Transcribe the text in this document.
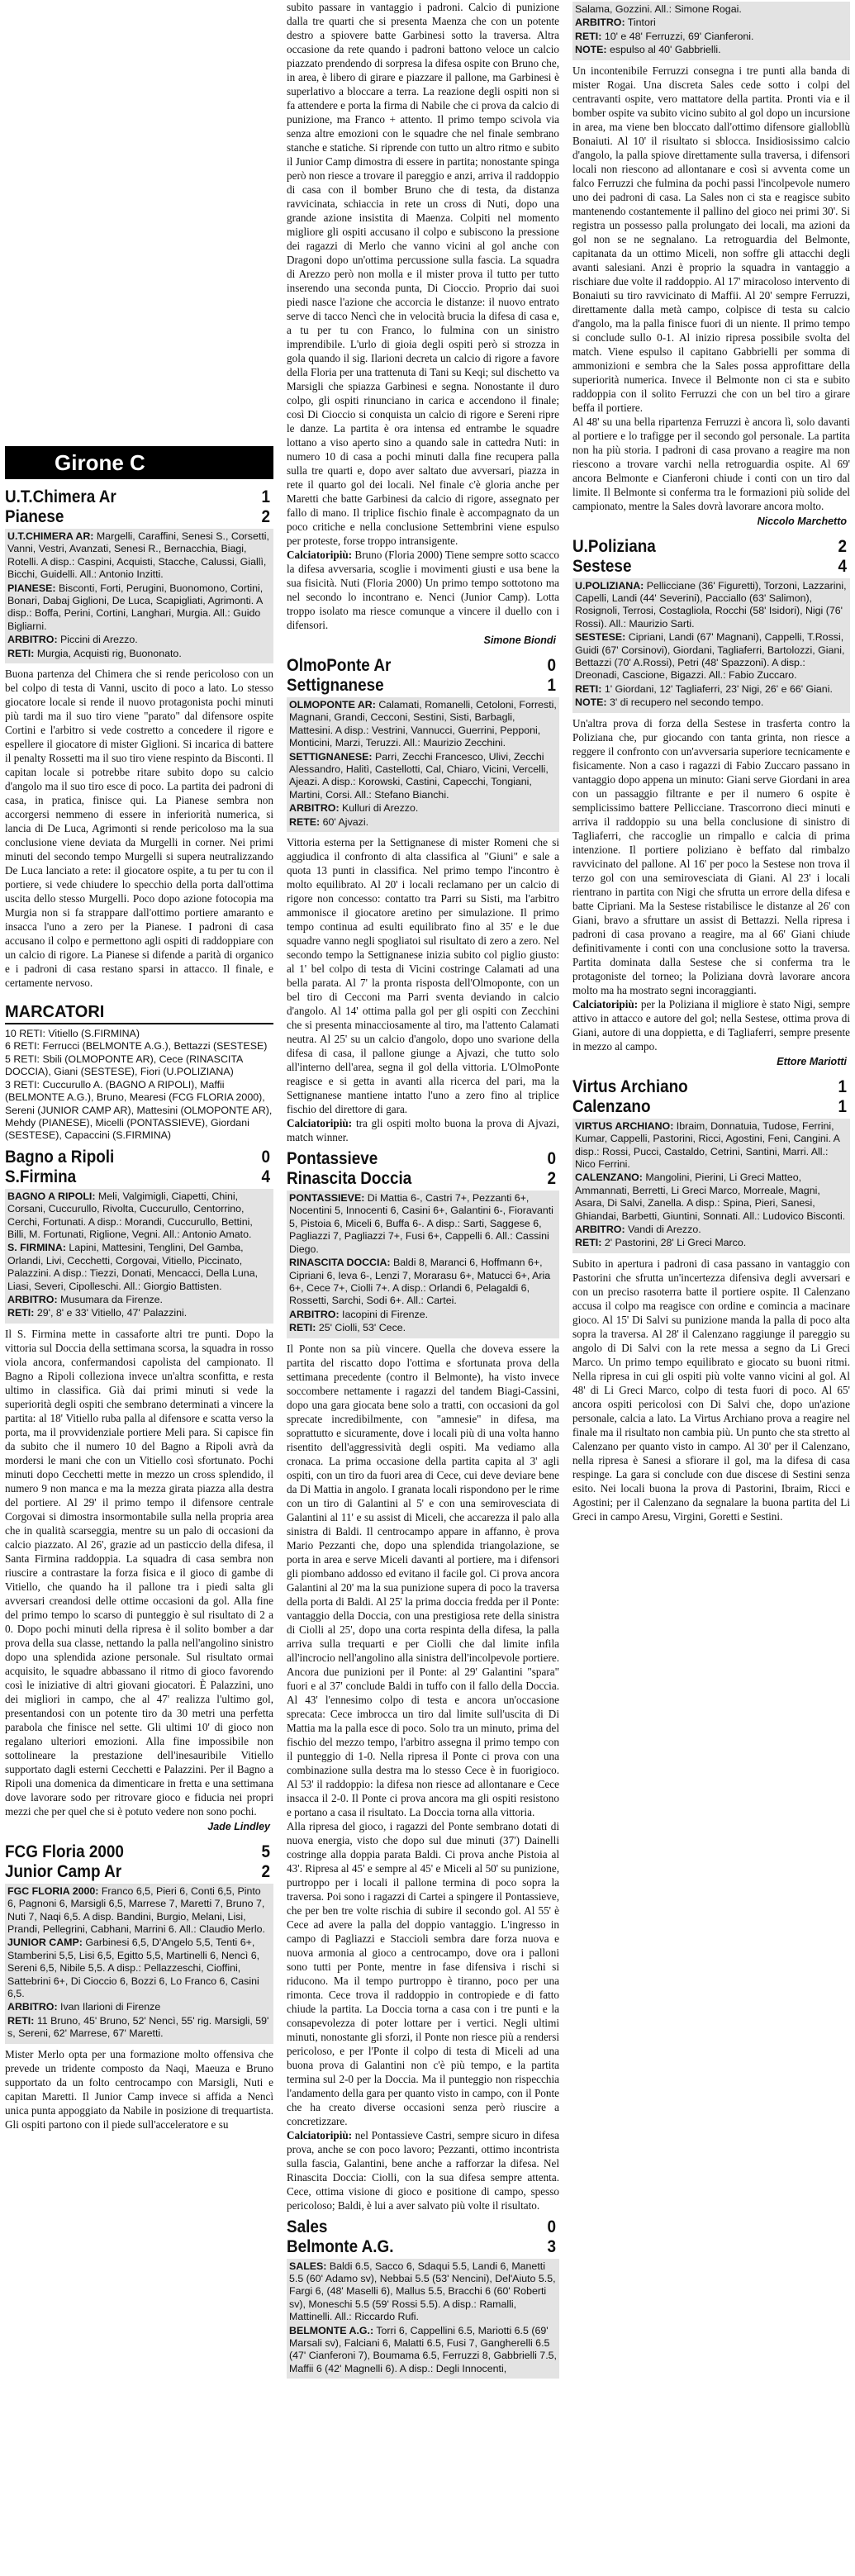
Girone C
U.T.Chimera Ar	1
Pianese	2

U.T.CHIMERA AR: Margelli, Caraffini, Senesi S., Corsetti, Vanni, Vestri, Avanzati, Senesi R., Bernacchia, Biagi, Rotelli. A disp.: Caspini, Acquisti, Stacche, Calussi, Giallì, Bicchi, Guidelli. All.: Antonio Inzitti.

PIANESE: Bisconti, Forti, Perugini, Buonomono, Cortini, Bonari, Dabaj Giglioni, De Luca, Scapigliati, Agrimonti. A disp.: Boffa, Perini, Cortini, Langhari, Murgia. All.: Guido Bigliarni.

ARBITRO: Piccini di Arezzo.

RETI: Murgia, Acquisti rig, Buononato.

Buona partenza del Chimera che si rende pericoloso con un bel colpo di testa di Vanni, uscito di poco a lato. Lo stesso giocatore locale si rende il nuovo protagonista pochi minuti più tardi ma il suo tiro viene "parato" dal difensore ospite Cortini e l'arbitro si vede costretto a concedere il rigore e espellere il giocatore di mister Giglioni. Si incarica di battere il penalty Rossetti ma il suo tiro viene respinto da Bisconti. Il capitan locale si potrebbe ritare subito dopo su calcio d'angolo ma il suo tiro esce di poco. La partita dei padroni di casa, in pratica, finisce qui. La Pianese sembra non accorgersi nemmeno di essere in inferiorità numerica, si lancia di De Luca, Agrimonti si rende pericoloso ma la sua conclusione viene deviata da Murgelli in corner. Nei primi minuti del secondo tempo Murgelli si supera neutralizzando De Luca lanciato a rete: il giocatore ospite, a tu per tu con il portiere, si vede chiudere lo specchio della porta dall'ottima uscita dello stesso Murgelli. Poco dopo azione fotocopia ma Murgia non si fa strappare dall'ottimo portiere amaranto e insacca l'uno a zero per la Pianese. I padroni di casa accusano il colpo e permettono agli ospiti di raddoppiare con un calcio di rigore. La Pianese si difende a parità di organico e i padroni di casa restano sparsi in attacco. Il finale, e certamente nervoso.

MARCATORI

10 RETI: Vitiello (S.FIRMINA)

6 RETI: Ferrucci (BELMONTE A.G.), Bettazzi (SESTESE)

5 RETI: Sbili (OLMOPONTE AR), Cece (RINASCITA DOCCIA), Giani (SESTESE), Fiori (U.POLIZIANA)

3 RETI: Cuccurullo A. (BAGNO A RIPOLI), Maffii (BELMONTE A.G.), Bruno, Mearesi (FCG FLORIA 2000), Sereni (JUNIOR CAMP AR), Mattesini (OLMOPONTE AR), Mehdy (PIANESE), Micelli (PONTASSIEVE), Giordani (SESTESE), Capaccini (S.FIRMINA)

Bagno a Ripoli	0
S.Firmina	4

BAGNO A RIPOLI: Meli, Valgimigli, Ciapetti, Chini, Corsani, Cuccurullo, Rivolta, Cuccurullo, Centorrino, Cerchi, Fortunati. A disp.: Morandi, Cuccurullo, Bettini, Billi, M. Fortunati, Riglione, Vegni. All.: Antonio Amato.

S. FIRMINA: Lapini, Mattesini, Tenglini, Del Gamba, Orlandi, Livi, Cecchetti, Corgovai, Vitiello, Piccinato, Palazzini. A disp.: Tiezzi, Donati, Mencacci, Della Luna, Liasi, Severi, Cipolleschi. All.: Giorgio Battisten.

ARBITRO: Musumara da Firenze.

RETI: 29', 8' e 33' Vitiello, 47' Palazzini.

Il S. Firmina mette in cassaforte altri tre punti. Dopo la vittoria sul Doccia della settimana scorsa, la squadra in rosso viola ancora, confermandosi capolista del campionato. Il Bagno a Ripoli colleziona invece un'altra sconfitta, e resta ultimo in classifica. Già dai primi minuti si vede la superiorità degli ospiti che sembrano determinati a vincere la partita: al 18' Vitiello ruba palla al difensore e scatta verso la porta, ma il provvidenziale portiere Meli para. Si capisce fin da subito che il numero 10 del Bagno a Ripoli avrà da mordersi le mani che con un Vitiello così sfortunato. Pochi minuti dopo Cecchetti mette in mezzo un cross splendido, il numero 9 non manca e ma la mezza girata piazza alla destra del portiere. Al 29' il primo tempo il difensore centrale Corgovai si dimostra insormontabile sulla nella propria area che in qualità scarseggia, mentre su un palo di occasioni da calcio piazzato. Al 26', grazie ad un pasticcio della difesa, il Santa Firmina raddoppia. La squadra di casa sembra non riuscire a contrastare la forza fisica e il gioco di gambe di Vitiello, che quando ha il pallone tra i piedi salta gli avversari creandosi delle ottime occasioni da gol. Alla fine del primo tempo lo scarso di punteggio è sul risultato di 2 a 0. Dopo pochi minuti della ripresa è il solito bomber a dar prova della sua classe, nettando la palla nell'angolino sinistro dopo una splendida azione personale. Sul risultato ormai acquisito, le squadre abbassano il ritmo di gioco favorendo così le iniziative di altri giovani giocatori. È Palazzini, uno dei migliori in campo, che al 47' realizza l'ultimo gol, presentandosi con un potente tiro da 30 metri una perfetta parabola che finisce nel sette. Gli ultimi 10' di gioco non regalano ulteriori emozioni. Alla fine impossibile non sottolineare la prestazione dell'inesauribile Vitiello supportato dagli esterni Cecchetti e Palazzini. Per il Bagno a Ripoli una domenica da dimenticare in fretta e una settimana dove lavorare sodo per ritrovare gioco e fiducia nei propri mezzi che per quel che si è potuto vedere non sono pochi.

Jade Lindley
FCG Floria 2000	5
Junior Camp Ar	2

FGC FLORIA 2000: Franco 6,5, Pieri 6, Conti 6,5, Pinto 6, Pagnoni 6, Marsigli 6,5, Marrese 7, Maretti 7, Bruno 7, Nuti 7, Naqi 6,5. A disp. Bandini, Burgio, Melani, Lisi, Prandi, Pellegrini, Cabhani, Marrini 6. All.: Claudio Merlo.

JUNIOR CAMP: Garbinesi 6,5, D'Angelo 5,5, Tenti 6+, Stamberini 5,5, Lisi 6,5, Egitto 5,5, Martinelli 6, Nencì 6, Sereni 6,5, Nibile 5,5. A disp.: Pellazzeschi, Cioffini, Sattebrini 6+, Di Cioccio 6, Bozzi 6, Lo Franco 6, Casini 6,5.

ARBITRO: Ivan Ilarioni di Firenze

RETI: 11 Bruno, 45' Bruno, 52' Nencì, 55' rig. Marsigli, 59' s, Sereni, 62' Marrese, 67' Maretti.

Mister Merlo opta per una formazione molto offensiva che prevede un tridente composto da Naqi, Maeuza e Bruno supportato da un folto centrocampo con Marsigli, Nuti e capitan Maretti. Il Junior Camp invece si affida a Nencì unica punta appoggiato da Nabile in posizione di trequartista. Gli ospiti partono con il piede sull'acceleratore e su

subito passare in vantaggio i padroni. Calcio di punizione dalla tre quarti che si presenta Maenza che con un potente destro a spiovere batte Garbinesi sotto la traversa. Altra occasione da rete quando i padroni battono veloce un calcio piazzato prendendo di sorpresa la difesa ospite con Bruno che, in area, è libero di girare e piazzare il pallone, ma Garbinesi è superlativo a bloccare a terra. La reazione degli ospiti non si fa attendere e porta la firma di Nabile che ci prova da calcio di punizione, ma Franco + attento. Il primo tempo scivola via senza altre emozioni con le squadre che nel finale sembrano stanche e statiche. Si riprende con tutto un altro ritmo e subito il Junior Camp dimostra di essere in partita; nonostante spinga però non riesce a trovare il pareggio e anzi, arriva il raddoppio di casa con il bomber Bruno che di testa, da distanza ravvicinata, schiaccia in rete un cross di Nuti, dopo una grande azione insistita di Maenza. Colpiti nel momento migliore gli ospiti accusano il colpo e subiscono la pressione dei ragazzi di Merlo che vanno vicini al gol anche con Dragoni dopo un'ottima percussione sulla fascia. La squadra di Arezzo però non molla e il mister prova il tutto per tutto inserendo una seconda punta, Di Cioccio. Proprio dai suoi piedi nasce l'azione che accorcia le distanze: il nuovo entrato serve di tacco Nencì che in velocità brucia la difesa di casa e, a tu per tu con Franco, lo fulmina con un sinistro imprendibile. L'urlo di gioia degli ospiti però si strozza in gola quando il sig. Ilarioni decreta un calcio di rigore a favore della Floria per una trattenuta di Tani su Keqi; sul dischetto va Marsigli che spiazza Garbinesi e segna. Nonostante il duro colpo, gli ospiti rinunciano in carica e accendono il finale; così Di Cioccio si conquista un calcio di rigore e Sereni ripre le danze. La partita è ora intensa ed entrambe le squadre lottano a viso aperto sino a quando sale in cattedra Nuti: in numero 10 di casa a pochi minuti dalla fine recupera palla sulla tre quarti e, dopo aver saltato due avversari, piazza in rete il quarto gol dei locali. Nel finale c'è gloria anche per Maretti che batte Garbinesi da calcio di rigore, assegnato per fallo di mano. Il triplice fischio finale è accompagnato da un poco critiche e nella conclusione Settembrini viene espulso per proteste, forse troppo intransigente.

Calciatoripiù: Bruno (Floria 2000) Tiene sempre sotto scacco la difesa avversaria, scoglie i movimenti giusti e usa bene la sua fisicità. Nuti (Floria 2000) Un primo tempo sottotono ma nel secondo lo incontrano e. Nenci (Junior Camp). Lotta troppo isolato ma riesce comunque a vincere il duello con i difensori.

Simone Biondi
OlmoPonte Ar	0
Settignanese	1

OLMOPONTE AR: Calamati, Romanelli, Cetoloni, Forresti, Magnani, Grandi, Cecconi, Sestini, Sisti, Barbagli, Mattesini. A disp.: Vestrini, Vannucci, Guerrini, Pepponi, Monticini, Marzi, Teruzzi. All.: Maurizio Zecchini.

SETTIGNANESE: Parri, Zecchi Francesco, Ulivi, Zecchi Alessandro, Halitì, Castellotti, Cal, Chiaro, Vicini, Vercelli, Ajeazi. A disp.: Korowski, Castini, Capecchi, Tongiani, Martini, Corsi. All.: Stefano Bianchi.

ARBITRO: Kulluri di Arezzo.

RETE: 60' Ajvazi.

Vittoria esterna per la Settignanese di mister Romeni che si aggiudica il confronto di alta classifica al "Giuni" e sale a quota 13 punti in classifica. Nel primo tempo l'incontro è molto equilibrato. Al 20' i locali reclamano per un calcio di rigore non concesso: contatto tra Parri su Sisti, ma l'arbitro ammonisce il giocatore aretino per simulazione. Il primo tempo continua ad esulti equilibrato fino al 35' e le due squadre vanno negli spogliatoi sul risultato di zero a zero. Nel secondo tempo la Settignanese inizia subito col piglio giusto: al 1' bel colpo di testa di Vicini costringe Calamati ad una bella parata. Al 7' la pronta risposta dell'Olmoponte, con un bel tiro di Cecconi ma Parri sventa deviando in calcio d'angolo. Al 14' ottima palla gol per gli ospiti con Zecchini che si presenta minacciosamente al tiro, ma l'attento Calamati neutra. Al 25' su un calcio d'angolo, dopo uno svarione della difesa di casa, il pallone giunge a Ajvazi, che tutto solo all'interno dell'area, segna il gol della vittoria. L'OlmoPonte reagisce e si getta in avanti alla ricerca del pari, ma la Settignanese mantiene intatto l'uno a zero fino al triplice fischio del direttore di gara.

Calciatoripiù: tra gli ospiti molto buona la prova di Ajvazi, match winner.

Pontassieve	0
Rinascita Doccia	2

PONTASSIEVE: Di Mattia 6-, Castri 7+, Pezzanti 6+, Nocentini 5, Innocenti 6, Casini 6+, Galantini 6-, Fioravanti 5, Pistoia 6, Miceli 6, Buffa 6-. A disp.: Sarti, Saggese 6, Pagliazzi 7, Pagliazzi 7+, Fusi 6+, Cappelli 6. All.: Cassini Diego.

RINASCITA DOCCIA: Baldi 8, Maranci 6, Hoffmann 6+, Cipriani 6, Ieva 6-, Lenzi 7, Morarasu 6+, Matucci 6+, Aria 6+, Cece 7+, Ciolli 7+. A disp.: Orlandi 6, Pelagaldi 6, Rossetti, Sarchi, Sodi 6+. All.: Cartei.

ARBITRO: Iacopini di Firenze.

RETI: 25' Ciolli, 53' Cece.

Il Ponte non sa più vincere. Quella che doveva essere la partita del riscatto dopo l'ottima e sfortunata prova della settimana precedente (contro il Belmonte), ha visto invece soccombere nettamente i ragazzi del tandem Biagi-Cassini, dopo una gara giocata bene solo a tratti, con occasioni da gol sprecate incredibilmente, con "amnesie" in difesa, ma soprattutto e sicuramente, dove i locali più di una volta hanno risentito dell'aggressività degli ospiti. Ma vediamo alla cronaca. La prima occasione della partita capita al 3' agli ospiti, con un tiro da fuori area di Cece, cui deve deviare bene da Di Mattia in angolo. I granata locali rispondono per le rime con un tiro di Galantini al 5' e con una semirovesciata di Galantini al 11' e su assist di Miceli, che accarezza il palo alla sinistra di Baldi. Il centrocampo appare in affanno, è prova Mario Pezzanti che, dopo una splendida triangolazione, se porta in area e serve Miceli davanti al portiere, ma i difensori gli piombano addosso ed evitano il facile gol. Ci prova ancora Galantini al 20' ma la sua punizione supera di poco la traversa della porta di Baldi. Al 25' la prima doccia fredda per il Ponte: vantaggio della Doccia, con una prestigiosa rete della sinistra di Ciolli al 25', dopo una corta respinta della difesa, la palla arriva sulla trequarti e per Ciolli che dal limite infila all'incrocio nell'angolino alla sinistra dell'incolpevole portiere. Ancora due punizioni per il Ponte: al 29' Galantini "spara" fuori e al 37' conclude Baldi in tuffo con il fallo della Doccia. Al 43' l'ennesimo colpo di testa e ancora un'occasione sprecata: Cece imbrocca un tiro dal limite sull'uscita di Di Mattia ma la palla esce di poco. Solo tra un minuto, prima del fischio del mezzo tempo, l'arbitro assegna il primo tempo con il punteggio di 1-0. Nella ripresa il Ponte ci prova con una combinazione sulla destra ma lo stesso Cece è in fuorigioco. Al 53' il raddoppio: la difesa non riesce ad allontanare e Cece insacca il 2-0. Il Ponte ci prova ancora ma gli ospiti resistono e portano a casa il risultato. La Doccia torna alla vittoria.

Alla ripresa del gioco, i ragazzi del Ponte sembrano dotati di nuova energia, visto che dopo sul due minuti (37') Dainelli costringe alla doppia parata Baldi. Ci prova anche Pistoia al 43'. Ripresa al 45' e sempre al 45' e Miceli al 50' su punizione, purtroppo per i locali il pallone termina di poco sopra la traversa. Poi sono i ragazzi di Cartei a spingere il Pontassieve, che per ben tre volte rischia di subire il secondo gol. Al 55' è Cece ad avere la palla del doppio vantaggio. L'ingresso in campo di Pagliazzi e Staccioli sembra dare forza nuova e nuova armonia al gioco a centrocampo, dove ora i palloni sono tutti per Ponte, mentre in fase difensiva i rischi si riducono. Ma il tempo purtroppo è tiranno, poco per una rimonta. Cece trova il raddoppio in contropiede e di fatto chiude la partita. La Doccia torna a casa con i tre punti e la consapevolezza di poter lottare per i vertici. Negli ultimi minuti, nonostante gli sforzi, il Ponte non riesce più a rendersi pericoloso, e per l'Ponte il colpo di testa di Miceli ad una buona prova di Galantini non c'è più tempo, e la partita termina sul 2-0 per la Doccia. Ma il punteggio non rispecchia l'andamento della gara per quanto visto in campo, con il Ponte che ha creato diverse occasioni senza però riuscire a concretizzare.

Calciatoripiù: nel Pontassieve Castri, sempre sicuro in difesa prova, anche se con poco lavoro; Pezzanti, ottimo incontrista sulla fascia, Galantini, bene anche a rafforzar la difesa. Nel Rinascita Doccia: Ciolli, con la sua difesa sempre attenta. Cece, ottima visione di gioco e positione di campo, spesso pericoloso; Baldi, è lui a aver salvato più volte il risultato.

Sales	0
Belmonte A.G.	3

SALES: Baldi 6.5, Sacco 6, Sdaqui 5.5, Landi 6, Manetti 5.5 (60' Adamo sv), Nebbai 5.5 (53' Nencini), Del'Aiuto 5.5, Fargi 6, (48' Maselli 6), Mallus 5.5, Bracchi 6 (60' Roberti sv), Moneschi 5.5 (59' Rossi 5.5). A disp.: Ramalli, Mattinelli. All.: Riccardo Rufi.

BELMONTE A.G.: Torri 6, Cappellini 6.5, Mariotti 6.5 (69' Marsali sv), Falciani 6, Malatti 6.5, Fusi 7, Gangherelli 6.5 (47' Cianferoni 7), Boumama 6.5, Ferruzzi 8, Gabbrielli 7.5, Maffii 6 (42' Magnelli 6). A disp.: Degli Innocenti,

Salama, Gozzini. All.: Simone Rogai.

ARBITRO: Tintori

RETI: 10' e 48' Ferruzzi, 69' Cianferoni.

NOTE: espulso al 40' Gabbrielli.

Un incontenibile Ferruzzi consegna i tre punti alla banda di mister Rogai. Una discreta Sales cede sotto i colpi del centravanti ospite, vero mattatore della partita. Pronti via e il bomber ospite va subito vicino subito al gol dopo un incursione in area, ma viene ben bloccato dall'ottimo difensore giallobllù Bonaiuti. Al 10' il risultato si sblocca. Insidiosissimo calcio d'angolo, la palla spiove direttamente sulla traversa, i difensori locali non riescono ad allontanare e così si avventa come un falco Ferruzzi che fulmina da pochi passi l'incolpevole numero uno dei padroni di casa. La Sales non ci sta e reagisce subito mantenendo costantemente il pallino del gioco nei primi 30'. Si registra un possesso palla prolungato dei locali, ma azioni da gol non se ne segnalano. La retroguardia del Belmonte, capitanata da un ottimo Miceli, non soffre gli attacchi degli avanti salesiani. Anzi è proprio la squadra in vantaggio a rischiare due volte il raddoppio. Al 17' miracoloso intervento di Bonaiuti su tiro ravvicinato di Maffii. Al 20' sempre Ferruzzi, direttamente dalla metà campo, colpisce di testa su calcio d'angolo, ma la palla finisce fuori di un niente. Il primo tempo si conclude sullo 0-1. Al inizio ripresa possibile svolta del match. Viene espulso il capitano Gabbrielli per somma di ammonizioni e sembra che la Sales possa approfittare della superiorità numerica. Invece il Belmonte non ci sta e subito raddoppia con il solito Ferruzzi che con un bel tiro a girare beffa il portiere.

Al 48' su una bella ripartenza Ferruzzi è ancora lì, solo davanti al portiere e lo trafigge per il secondo gol personale. La partita non ha più storia. I padroni di casa provano a reagire ma non riescono a trovare varchi nella retroguardia ospite. Al 69' ancora Belmonte e Cianferoni chiude i conti con un tiro dal limite. Il Belmonte si conferma tra le formazioni più solide del campionato, mentre la Sales dovrà lavorare ancora molto.

Niccolo Marchetto
U.Poliziana	2
Sestese	4

U.POLIZIANA: Pellicciane (36' Figuretti), Torzoni, Lazzarini, Capelli, Landi (44' Severini), Pacciallo (63' Salimon), Rosignoli, Terrosi, Costagliola, Rocchi (58' Isidori), Nigi (76' Rossi). All.: Maurizio Sarti.

SESTESE: Cipriani, Landi (67' Magnani), Cappelli, T.Rossi, Guidi (67' Corsinovi), Giordani, Tagliaferri, Bartolozzi, Giani, Bettazzi (70' A.Rossi), Petri (48' Spazzoni). A disp.: Dreonadi, Cascione, Bigazzi. All.: Fabio Zuccaro.

RETI: 1' Giordani, 12' Tagliaferri, 23' Nigi, 26' e 66' Giani.

NOTE: 3' di recupero nel secondo tempo.

Un'altra prova di forza della Sestese in trasferta contro la Poliziana che, pur giocando con tanta grinta, non riesce a reggere il confronto con un'avversaria superiore tecnicamente e fisicamente. Non a caso i ragazzi di Fabio Zuccaro passano in vantaggio dopo appena un minuto: Giani serve Giordani in area con un passaggio filtrante e per il numero 6 ospite è semplicissimo battere Pellicciane. Trascorrono dieci minuti e arriva il raddoppio su una bella conclusione di sinistro di Tagliaferri, che raccoglie un rimpallo e calcia di prima intenzione. Il portiere poliziano è beffato dal rimbalzo ravvicinato del pallone. Al 16' per poco la Sestese non trova il terzo gol con una semirovesciata di Giani. Al 23' i locali rientrano in partita con Nigi che sfrutta un errore della difesa e batte Cipriani. Ma la Sestese ristabilisce le distanze al 26' con Giani, bravo a sfruttare un assist di Bettazzi. Nella ripresa i padroni di casa provano a reagire, ma al 66' Giani chiude definitivamente i conti con una conclusione sotto la traversa. Partita dominata dalla Sestese che si conferma tra le protagoniste del torneo; la Poliziana dovrà lavorare ancora molto ma ha mostrato segni incoraggianti.

Calciatoripiù: per la Poliziana il migliore è stato Nigi, sempre attivo in attacco e autore del gol; nella Sestese, ottima prova di Giani, autore di una doppietta, e di Tagliaferri, sempre presente in mezzo al campo.

Ettore Mariotti
Virtus Archiano	1
Calenzano	1

VIRTUS ARCHIANO: Ibraim, Donnatuia, Tudose, Ferrini, Kumar, Cappelli, Pastorini, Ricci, Agostini, Feni, Cangini. A disp.: Rossi, Pucci, Castaldo, Cetrini, Santini, Marri. All.: Nico Ferrini.

CALENZANO: Mangolini, Pierini, Li Greci Matteo, Ammannati, Berretti, Li Greci Marco, Morreale, Magni, Asara, Di Salvi, Zanella. A disp.: Spina, Pieri, Sanesi, Ghiandai, Barbetti, Giuntini, Sonnati. All.: Ludovico Bisconti.

ARBITRO: Vandi di Arezzo.

RETI: 2' Pastorini, 28' Li Greci Marco.

Subito in apertura i padroni di casa passano in vantaggio con Pastorini che sfrutta un'incertezza difensiva degli avversari e con un preciso rasoterra batte il portiere ospite. Il Calenzano accusa il colpo ma reagisce con ordine e comincia a macinare gioco. Al 15' Di Salvi su punizione manda la palla di poco alta sopra la traversa. Al 28' il Calenzano raggiunge il pareggio su angolo di Di Salvi con la rete messa a segno da Li Greci Marco. Un primo tempo equilibrato e giocato su buoni ritmi. Nella ripresa in cui gli ospiti più volte vanno vicini al gol. Al 48' di Li Greci Marco, colpo di testa fuori di poco. Al 65' ancora ospiti pericolosi con Di Salvi che, dopo un'azione personale, calcia a lato. La Virtus Archiano prova a reagire nel finale ma il risultato non cambia più. Un punto che sta stretto al Calenzano per quanto visto in campo. Al 30' per il Calenzano, nella ripresa è Sanesi a sfiorare il gol, ma la difesa di casa respinge. La gara si conclude con due discese di Sestini senza esito. Nei locali buona la prova di Pastorini, Ibraim, Ricci e Agostini; per il Calenzano da segnalare la buona partita del Li Greci in campo Aresu, Virgini, Goretti e Sestini.
